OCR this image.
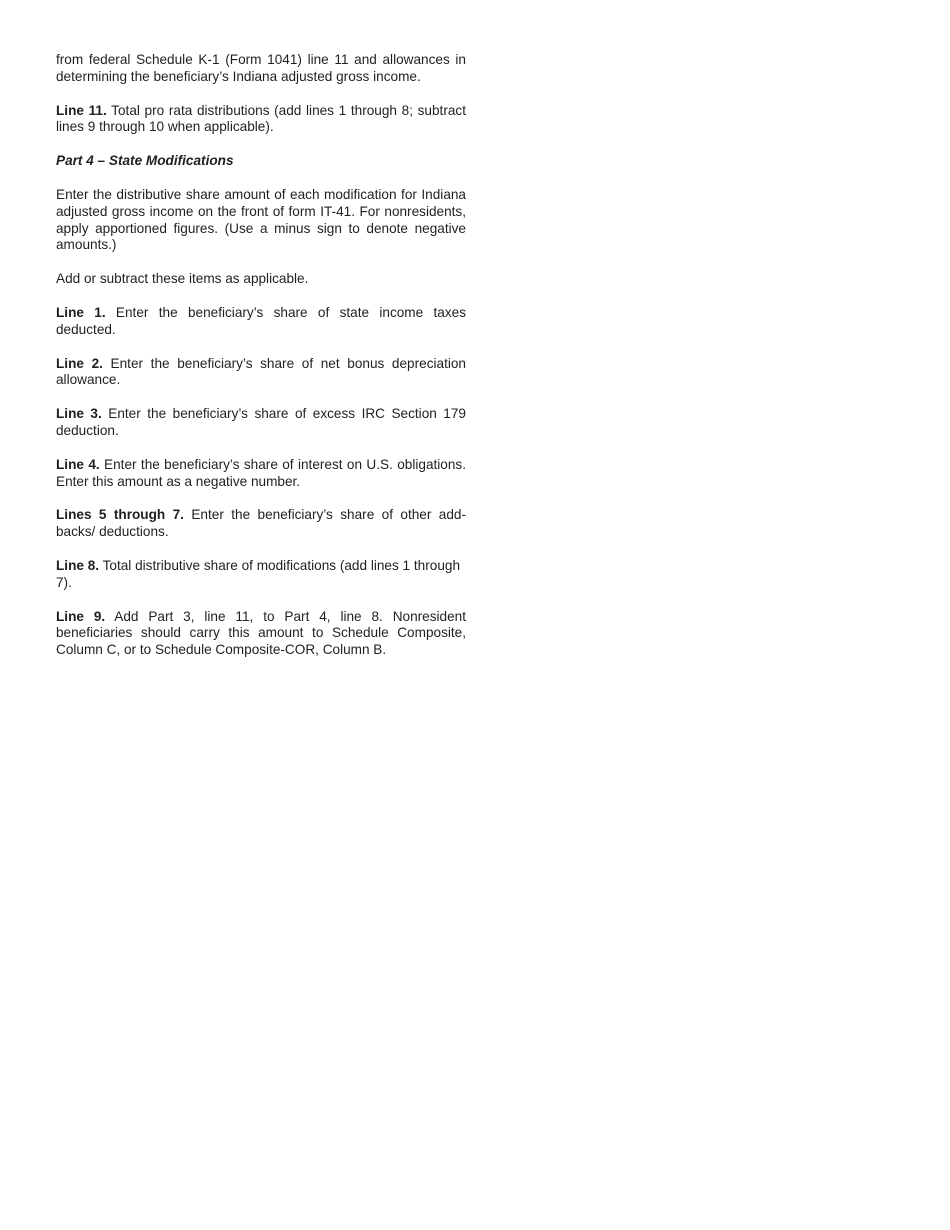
from federal Schedule K-1 (Form 1041) line 11 and allowances in determining the beneficiary’s Indiana adjusted gross income.

Line 11. Total pro rata distributions (add lines 1 through 8; subtract lines 9 through 10 when applicable).

Part 4 – State Modifications

Enter the distributive share amount of each modification for Indiana adjusted gross income on the front of form IT-41. For nonresidents, apply apportioned figures. (Use a minus sign to denote negative amounts.)

Add or subtract these items as applicable.

Line 1. Enter the beneficiary’s share of state income taxes deducted.

Line 2. Enter the beneficiary’s share of net bonus depreciation allowance.

Line 3. Enter the beneficiary’s share of excess IRC Section 179 deduction.

Line 4. Enter the beneficiary’s share of interest on U.S. obligations. Enter this amount as a negative number.

Lines 5 through 7. Enter the beneficiary’s share of other add-backs/ deductions.

Line 8. Total distributive share of modifications (add lines 1 through 7).

Line 9. Add Part 3, line 11, to Part 4, line 8. Nonresident beneficiaries should carry this amount to Schedule Composite, Column C, or to Schedule Composite-COR, Column B.
